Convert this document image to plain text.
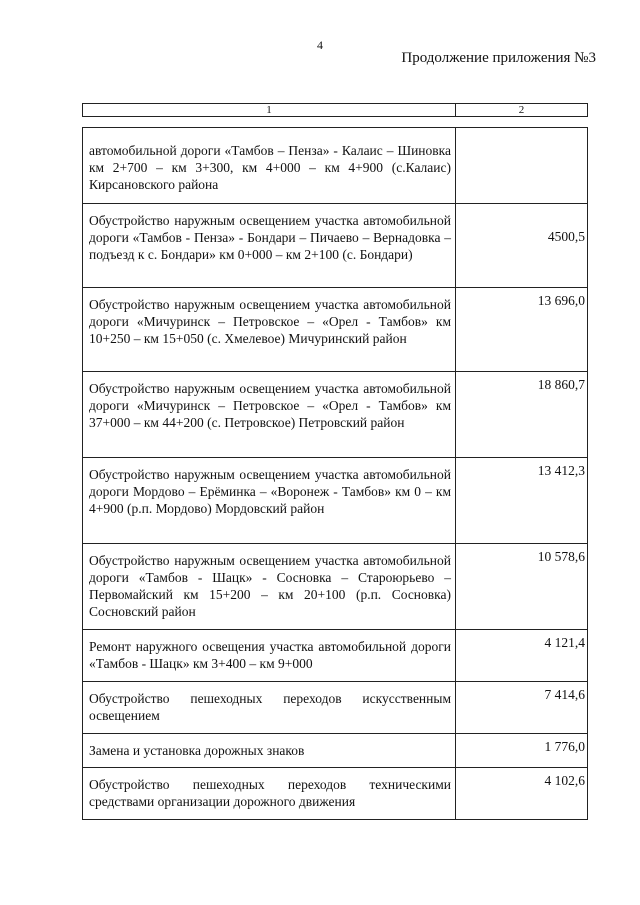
4
Продолжение приложения №3
1	2
автомобильной дороги «Тамбов – Пенза» - Калаис – Шиновка км 2+700 – км 3+300, км 4+000 – км 4+900 (с.Калаис) Кирсановского района	
Обустройство наружным освещением участка автомобильной дороги «Тамбов - Пенза» - Бондари – Пичаево – Вернадовка – подъезд к с. Бондари» км 0+000 – км 2+100 (с. Бондари)	4500,5
Обустройство наружным освещением участка автомобильной дороги «Мичуринск – Петровское – «Орел - Тамбов» км 10+250 – км 15+050 (с. Хмелевое) Мичуринский район	13 696,0
Обустройство наружным освещением участка автомобильной дороги «Мичуринск – Петровское – «Орел - Тамбов» км 37+000 – км 44+200 (с. Петровское) Петровский район	18 860,7
Обустройство наружным освещением участка автомобильной дороги Мордово – Ерёминка – «Воронеж - Тамбов» км 0 – км 4+900 (р.п. Мордово) Мордовский район	13 412,3
Обустройство наружным освещением участка автомобильной дороги «Тамбов - Шацк» - Сосновка – Староюрьево – Первомайский км 15+200 – км 20+100 (р.п. Сосновка) Сосновский район	10 578,6
Ремонт наружного освещения участка автомобильной дороги «Тамбов - Шацк» км 3+400 – км 9+000	4 121,4
Обустройство пешеходных переходов искусственным освещением	7 414,6
Замена и установка дорожных знаков	1 776,0
Обустройство пешеходных переходов техническими средствами организации дорожного движения	4 102,6
